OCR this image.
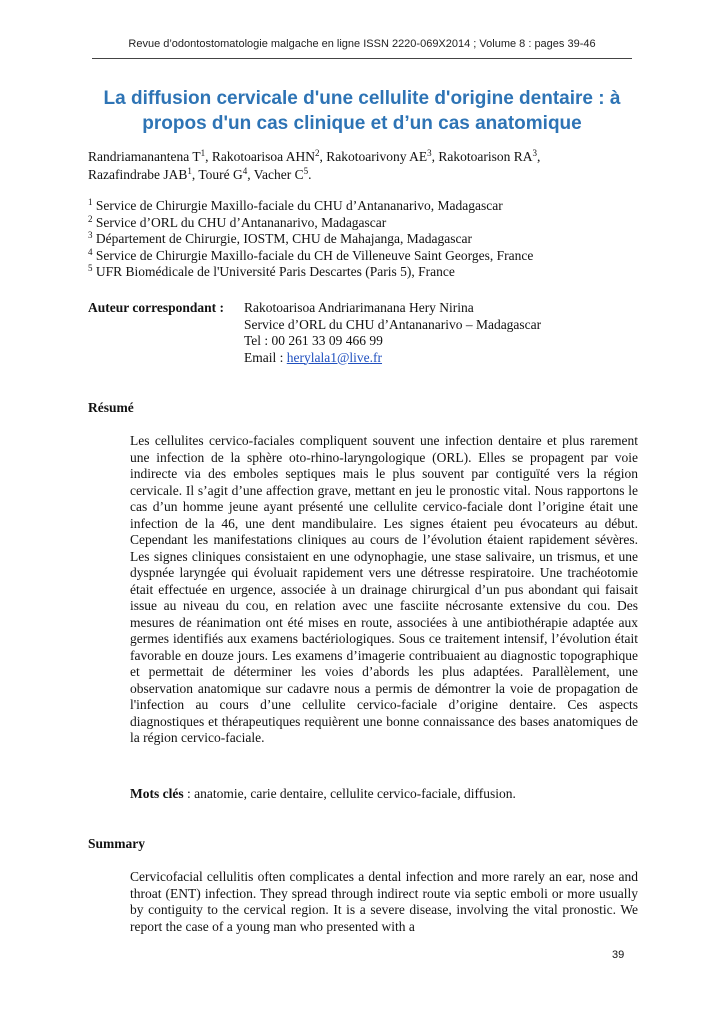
Revue d’odontostomatologie malgache en ligne ISSN 2220-069X2014 ; Volume 8 : pages 39-46
La diffusion cervicale d'une cellulite d'origine dentaire : à
propos d'un cas clinique et d’un cas anatomique

Randriamanantena $T^1$, Rakotoarisoa AHN$^2$, Rakotoarivony $AE^3$, Rakotoarison $RA^3$,
Razafindrabe JAB$^1$, Touré $G^4$, Vacher $C^5$.

$^1$ Service de Chirurgie Maxillo-faciale du CHU d’Antananarivo, Madagascar
$^2$ Service d’ORL du CHU d’Antananarivo, Madagascar
$^3$ Département de Chirurgie, IOSTM, CHU de Mahajanga, Madagascar
$^4$ Service de Chirurgie Maxillo-faciale du CH de Villeneuve Saint Georges, France
$^5$ UFR Biomédicale de l'Université Paris Descartes (Paris 5), France
Auteur correspondant : Rakotoarisoa Andriarimanana Hery Nirina
Service d’ORL du CHU d’Antananarivo – Madagascar
Tel : 00 261 33 09 466 99
Email : herylala1@live.fr
Résumé

Les cellulites cervico-faciales compliquent souvent une infection dentaire et plus rarement une infection de la sphère oto-rhino-laryngologique (ORL). Elles se propagent par voie indirecte via des emboles septiques mais le plus souvent par contiguïté vers la région cervicale. Il s’agit d’une affection grave, mettant en jeu le pronostic vital. Nous rapportons le cas d’un homme jeune ayant présenté une cellulite cervico-faciale dont l’origine était une infection de la 46, une dent mandibulaire. Les signes étaient peu évocateurs au début. Cependant les manifestations cliniques au cours de l’évolution étaient rapidement sévères. Les signes cliniques consistaient en une odynophagie, une stase salivaire, un trismus, et une dyspnée laryngée qui évoluait rapidement vers une détresse respiratoire. Une trachéotomie était effectuée en urgence, associée à un drainage chirurgical d’un pus abondant qui faisait issue au niveau du cou, en relation avec une fasciite nécrosante extensive du cou. Des mesures de réanimation ont été mises en route, associées à une antibiothérapie adaptée aux germes identifiés aux examens bactériologiques. Sous ce traitement intensif, l’évolution était favorable en douze jours. Les examens d’imagerie contribuaient au diagnostic topographique et permettait de déterminer les voies d’abords les plus adaptées. Parallèlement, une observation anatomique sur cadavre nous a permis de démontrer la voie de propagation de l'infection au cours d’une cellulite cervico-faciale d’origine dentaire. Ces aspects diagnostiques et thérapeutiques requièrent une bonne connaissance des bases anatomiques de la région cervico-faciale.

Mots clés : anatomie, carie dentaire, cellulite cervico-faciale, diffusion.

Summary

Cervicofacial cellulitis often complicates a dental infection and more rarely an ear, nose and throat (ENT) infection. They spread through indirect route via septic emboli or more usually by contiguity to the cervical region. It is a severe disease, involving the vital pronostic. We report the case of a young man who presented with a

39
